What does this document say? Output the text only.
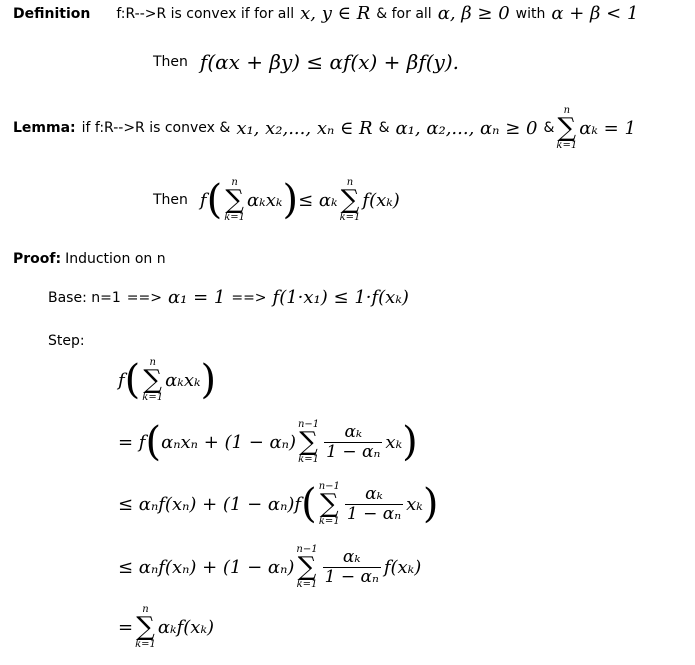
Definition f:R-->R is convex if for all x, y ∈ R & for all α, β ≥ 0 with α + β < 1
Then f(αx + βy) ≤ αf(x) + βf(y).
Lemma: if f:R-->R is convex & x₁, x₂,..., xₙ ∈ R & α₁, α₂,..., αₙ ≥ 0 &
n
∑
k=1
αₖ = 1
Then f ( n
∑
k=1
αₖxₖ ) ≤ αₖ
n
∑
k=1
f(xₖ)
Proof: Induction on n
Base: n=1 ==> α₁ = 1 ==> f(1·x₁) ≤ 1·f(xₖ)
Step:
f ( n
∑
k=1
αₖxₖ )
= f ( αₙxₙ + (1 − αₙ)
n−1
∑
$k=1 \frac{\text{αₖ}}{\text{1 − αₙ}}$ xₖ )
≤ αₙf(xₙ) + (1 − αₙ)f ( n−1
∑
$k=1 \frac{\text{αₖ}}{\text{1 − αₙ}}$ xₖ )
≤ αₙf(xₙ) + (1 − αₙ)
n−1
∑
$k=1 \frac{\text{αₖ}}{\text{1 − αₙ}} f(x_k)$
=
n
∑
k=1
αₖf(xₖ)
